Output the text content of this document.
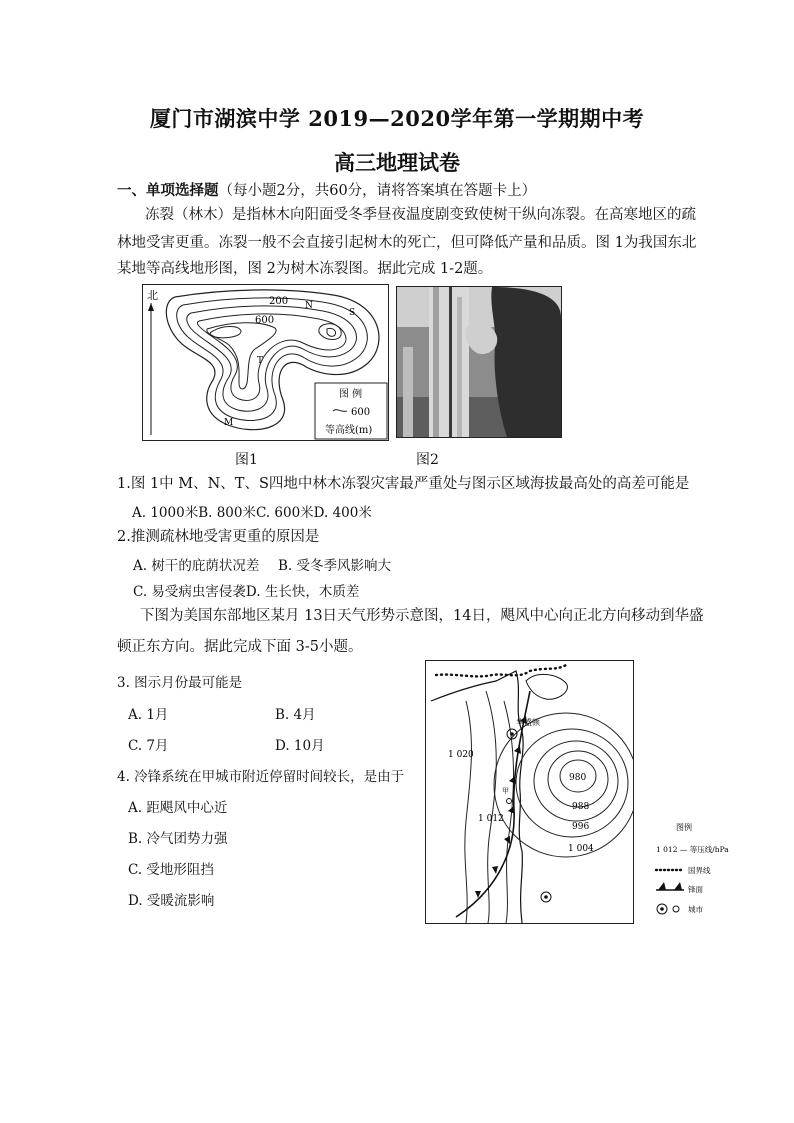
厦门市湖滨中学 2019—2020学年第一学期期中考
高三地理试卷
一、单项选择题（每小题2分，共60分，请将答案填在答题卡上）
冻裂（林木）是指林木向阳面受冬季昼夜温度剧变致使树干纵向冻裂。在高寒地区的疏
林地受害更重。冻裂一般不会直接引起树木的死亡，但可降低产量和品质。图 1为我国东北
某地等高线地形图，图 2为树木冻裂图。据此完成 1-2题。
北	200
600
N
S
T
M
图 例
600
等高线(m)
图1	图2
1.图 1中 M、N、T、S四地中林木冻裂灾害最严重处与图示区域海拔最高处的高差可能是
A. 1000米B. 800米C. 600米D. 400米
2.推测疏林地受害更重的原因是
A. 树干的庇荫状况差 B. 受冬季风影响大
C. 易受病虫害侵袭D. 生长快，木质差
下图为美国东部地区某月 13日天气形势示意图，14日，飓风中心向正北方向移动到华盛
顿正东方向。据此完成下面 3-5小题。
3. 图示月份最可能是
A. 1月	B. 4月
C. 7月	D. 10月
4. 冷锋系统在甲城市附近停留时间较长，是由于
A. 距飓风中心近
B. 冷气团势力强
C. 受地形阻挡
D. 受暖流影响
华盛顿
甲
1 020
1 012
980
988
996
1 004
图例
1 012 — 等压线/hPa
国界线
锋面
城市
